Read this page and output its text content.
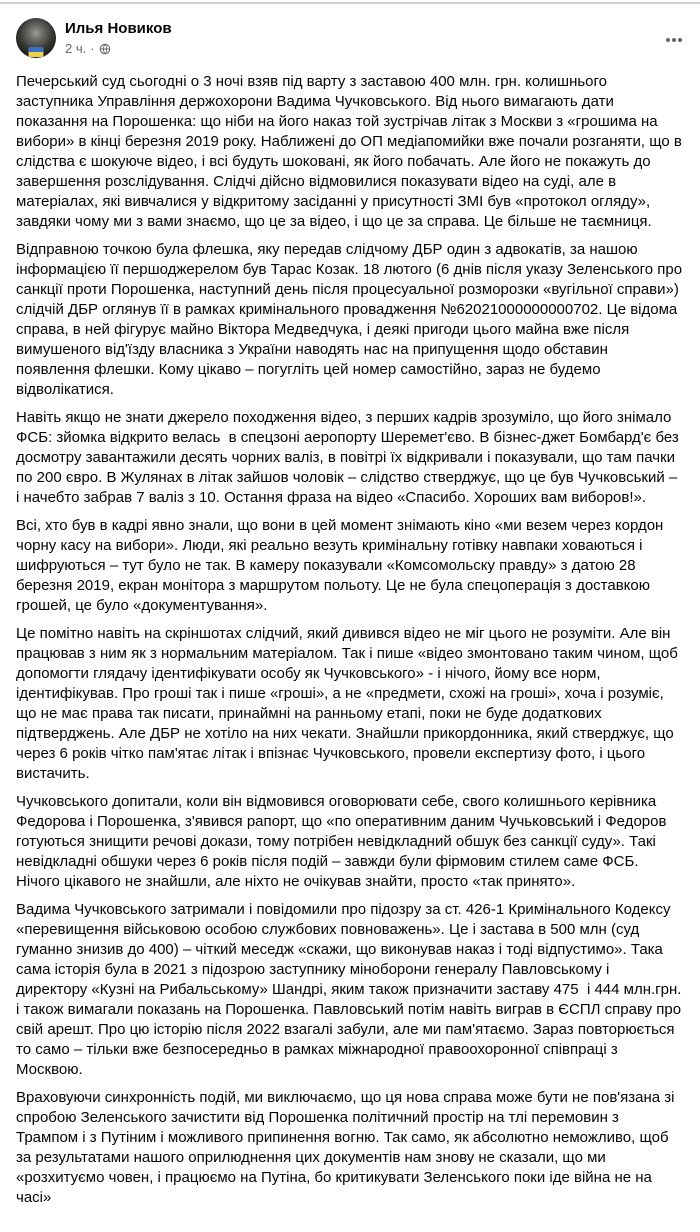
Илья Новиков
2 ч. ·

Печерський суд сьогодні о 3 ночі взяв під варту з заставою 400 млн. грн. колишнього заступника Управління держохорони Вадима Чучковського. Від нього вимагають дати показання на Порошенка: що ніби на його наказ той зустрічав літак з Москви з «грошима на вибори» в кінці березня 2019 року. Наближені до ОП медіапомийки вже почали розганяти, що в слідства є шокуюче відео, і всі будуть шоковані, як його побачать. Але його не покажуть до завершення розслідування. Слідчі дійсно відмовилися показувати відео на суді, але в матеріалах, які вивчалися у відкритому засіданні у присутності ЗМІ був «протокол огляду», завдяки чому ми з вами знаємо, що це за відео, і що це за справа. Це більше не таємниця.

Відправною точкою була флешка, яку передав слідчому ДБР один з адвокатів, за нашою інформацією її першоджерелом був Тарас Козак. 18 лютого (6 днів після указу Зеленського про санкції проти Порошенка, наступний день після процесуальної розморозки «вугільної справи») слідчій ДБР оглянув її в рамках кримінального провадження №62021000000000702. Це відома справа, в ней фігурує майно Віктора Медведчука, і деякі пригоди цього майна вже після вимушеного від'їзду власника з України наводять нас на припущення щодо обставин появлення флешки. Кому цікаво – погугліть цей номер самостійно, зараз не будемо відволікатися.

Навіть якщо не знати джерело походження відео, з перших кадрів зрозуміло, що його знімало ФСБ: зйомка відкрито велась  в спецзоні аеропорту Шеремет'єво. В бізнес-джет Бомбард'є без досмотру завантажили десять чорних валіз, в повітрі їх відкривали і показували, що там пачки по 200 євро. В Жулянах в літак зайшов чоловік – слідство стверджує, що це був Чучковський – і начебто забрав 7 валіз з 10. Остання фраза на відео «Спасибо. Хороших вам виборов!».

Всі, хто був в кадрі явно знали, що вони в цей момент знімають кіно «ми везем через кордон чорну касу на вибори». Люди, які реально везуть кримінальну готівку навпаки ховаються і шифруються – тут було не так. В камеру показували «Комсомольску правду» з датою 28 березня 2019, екран монітора з маршрутом польоту. Це не була спецоперація з доставкою грошей, це було «документування».

Це помітно навіть на скріншотах слідчий, який дивився відео не міг цього не розуміти. Але він працював з ним як з нормальним матеріалом. Так і пише «відео змонтовано таким чином, щоб допомогти глядачу ідентифікувати особу як Чучковського» - і нічого, йому все норм, ідентифікував. Про гроші так і пише «гроші», а не «предмети, схожі на гроші», хоча і розуміє, що не має права так писати, принаймні на ранньому етапі, поки не буде додаткових підтверджень. Але ДБР не хотіло на них чекати. Знайшли прикордонника, який стверджує, що через 6 років чітко пам'ятає літак і впізнає Чучковського, провели експертизу фото, і цього вистачить.

Чучковського допитали, коли він відмовився оговорювати себе, свого колишнього керівника Федорова і Порошенка, з'явився рапорт, що «по оперативним даним Чучьковський і Федоров готуються знищити речові докази, тому потрібен невідкладний обшук без санкції суду». Такі невідкладні обшуки через 6 років після подій – завжди були фірмовим стилем саме ФСБ. Нічого цікавого не знайшли, але ніхто не очікував знайти, просто «так принято».

Вадима Чучковського затримали і повідомили про підозру за ст. 426-1 Кримінального Кодексу «перевищення військовою особою службових повноважень». Це і застава в 500 млн (суд гуманно знизив до 400) – чіткий меседж «скажи, що виконував наказ і тоді відпустимо». Така сама історія була в 2021 з підозрою заступнику міноборони генералу Павловському і директору «Кузні на Рибальському» Шандрі, яким також призначити заставу 475  і 444 млн.грн. і також вимагали показань на Порошенка. Павловський потім навіть виграв в ЄСПЛ справу про свій арешт. Про цю історію після 2022 взагалі забули, але ми пам'ятаємо. Зараз повторюється то само – тільки вже безпосередньо в рамках міжнародної правоохоронної співпраці з Москвою.

Враховуючи синхронність подій, ми виключаємо, що ця нова справа може бути не пов'язана зі спробою Зеленського зачистити від Порошенка політичний простір на тлі перемовин з Трампом і з Путіним і можливого припинення вогню. Так само, як абсолютно неможливо, щоб за результатами нашого оприлюднення цих документів нам знову не сказали, що ми «розхитуємо човен, і працюємо на Путіна, бо критикувати Зеленського поки іде війна не на часі»
